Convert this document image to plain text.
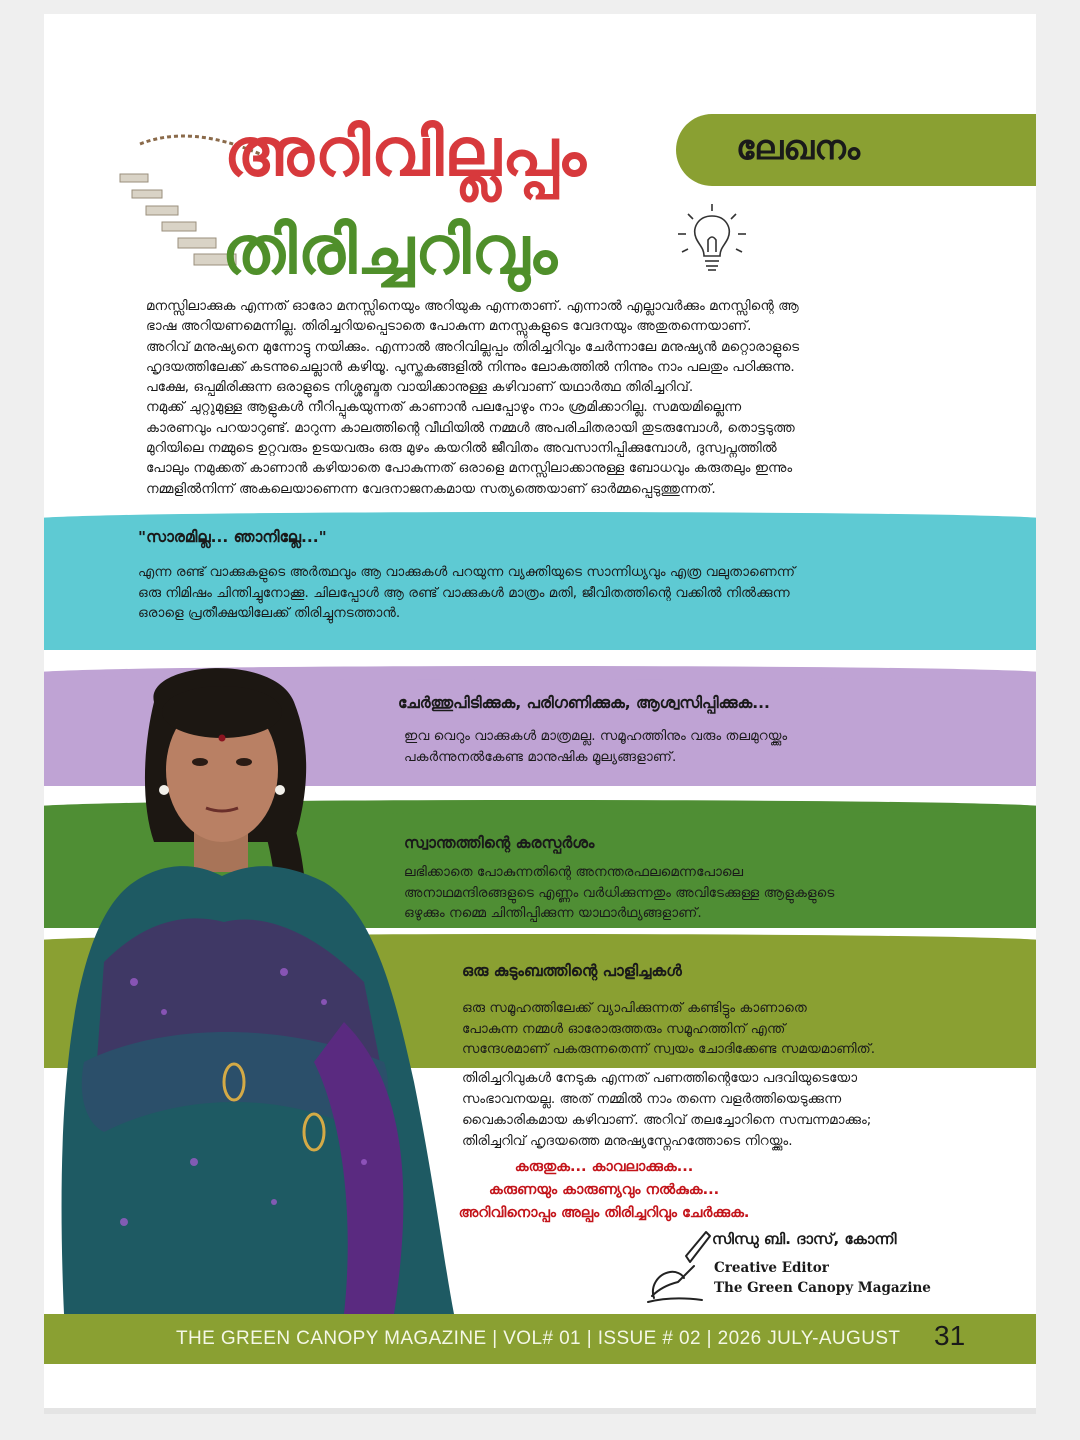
അറിവില്ലപ്പം
തിരിച്ചറിവും
ലേഖനം

മനസ്സിലാക്കുക എന്നത് ഓരോ മനസ്സിനെയും അറിയുക എന്നതാണ്. എന്നാൽ എല്ലാവർക്കും മനസ്സിന്റെ ആ

ഭാഷ അറിയണമെന്നില്ല. തിരിച്ചറിയപ്പെടാതെ പോകുന്ന മനസ്സുകളുടെ വേദനയും അതുതന്നെയാണ്.

അറിവ് മനുഷ്യനെ മുന്നോട്ടു നയിക്കും. എന്നാൽ അറിവില്ലപ്പം തിരിച്ചറിവും ചേർന്നാലേ മനുഷ്യൻ മറ്റൊരാളുടെ

ഹൃദയത്തിലേക്ക് കടന്നുചെല്ലാൻ കഴിയൂ. പുസ്തകങ്ങളിൽ നിന്നും ലോകത്തിൽ നിന്നും നാം പലതും പഠിക്കുന്നു.

പക്ഷേ, ഒപ്പമിരിക്കുന്ന ഒരാളുടെ നിശ്ശബ്ദത വായിക്കാനുള്ള കഴിവാണ് യഥാർത്ഥ തിരിച്ചറിവ്.

നമുക്ക് ചുറ്റുമുള്ള ആളുകൾ നീറിപ്പുകയുന്നത് കാണാൻ പലപ്പോഴും നാം ശ്രമിക്കാറില്ല. സമയമില്ലെന്ന

കാരണവും പറയാറുണ്ട്. മാറുന്ന കാലത്തിന്റെ വീഥിയിൽ നമ്മൾ അപരിചിതരായി തുടരുമ്പോൾ, തൊട്ടടുത്ത

മുറിയിലെ നമ്മുടെ ഉറ്റവരും ഉടയവരും ഒരു മുഴം കയറിൽ ജീവിതം അവസാനിപ്പിക്കുമ്പോൾ, ദുസ്വപ്നത്തിൽ

പോലും നമുക്കത് കാണാൻ കഴിയാതെ പോകുന്നത് ഒരാളെ മനസ്സിലാക്കാനുള്ള ബോധവും കരുതലും ഇന്നും

നമ്മളിൽനിന്ന് അകലെയാണെന്ന വേദനാജനകമായ സത്യത്തെയാണ് ഓർമ്മപ്പെടുത്തുന്നത്.

"സാരമില്ല... ഞാനില്ലേ..."

എന്ന രണ്ട് വാക്കുകളുടെ അർത്ഥവും ആ വാക്കുകൾ പറയുന്ന വ്യക്തിയുടെ സാന്നിധ്യവും എത്ര വലുതാണെന്ന്

ഒരു നിമിഷം ചിന്തിച്ചുനോക്കൂ. ചിലപ്പോൾ ആ രണ്ട് വാക്കുകൾ മാത്രം മതി, ജീവിതത്തിന്റെ വക്കിൽ നിൽക്കുന്ന

ഒരാളെ പ്രതീക്ഷയിലേക്ക് തിരിച്ചുനടത്താൻ.

ചേർത്തുപിടിക്കുക, പരിഗണിക്കുക, ആശ്വസിപ്പിക്കുക...

ഇവ വെറും വാക്കുകൾ മാത്രമല്ല. സമൂഹത്തിനും വരും തലമുറയ്ക്കും

പകർന്നുനൽകേണ്ട മാനുഷിക മൂല്യങ്ങളാണ്.

സ്വാന്തത്തിന്റെ കരസ്പർശം

ലഭിക്കാതെ പോകുന്നതിന്റെ അനന്തരഫലമെന്നപോലെ

അനാഥമന്ദിരങ്ങളുടെ എണ്ണം വർധിക്കുന്നതും അവിടേക്കുള്ള ആളുകളുടെ

ഒഴുക്കും നമ്മെ ചിന്തിപ്പിക്കുന്ന യാഥാർഥ്യങ്ങളാണ്.

ഒരു കുടുംബത്തിന്റെ പാളിച്ചകൾ

ഒരു സമൂഹത്തിലേക്ക് വ്യാപിക്കുന്നത് കണ്ടിട്ടും കാണാതെ

പോകുന്ന നമ്മൾ ഓരോരുത്തരും സമൂഹത്തിന് എന്ത്

സന്ദേശമാണ് പകരുന്നതെന്ന് സ്വയം ചോദിക്കേണ്ട സമയമാണിത്.

തിരിച്ചറിവുകൾ നേടുക എന്നത് പണത്തിന്റെയോ പദവിയുടെയോ

സംഭാവനയല്ല. അത് നമ്മിൽ നാം തന്നെ വളർത്തിയെടുക്കുന്ന

വൈകാരികമായ കഴിവാണ്. അറിവ് തലച്ചോറിനെ സമ്പന്നമാക്കും;

തിരിച്ചറിവ് ഹൃദയത്തെ മനുഷ്യസ്നേഹത്തോടെ നിറയ്ക്കും.

കരുതുക... കാവലാക്കുക...

കരുണയും കാരുണ്യവും നൽകുക...

അറിവിനൊപ്പം അല്പം തിരിച്ചറിവും ചേർക്കുക.

സിന്ധു ബി. ദാസ്, കോന്നി
Creative Editor
The Green Canopy Magazine
THE GREEN CANOPY MAGAZINE | VOL# 01 | ISSUE # 02 | 2026 JULY-AUGUST 31
